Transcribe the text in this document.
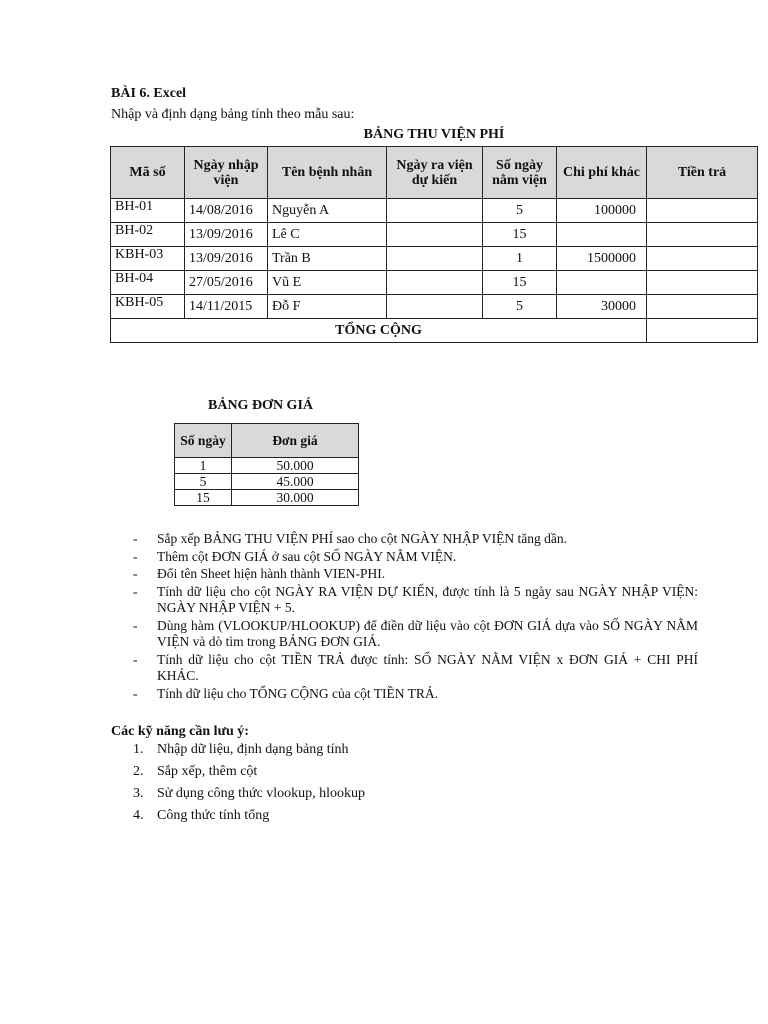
BÀI 6. Excel
Nhập và định dạng bảng tính theo mẫu sau:
BẢNG THU VIỆN PHÍ
Mã số	Ngày nhập viện	Tên bệnh nhân	Ngày ra viện dự kiến	Số ngày nằm viện	Chi phí khác	Tiền trả
BH-01	14/08/2016	Nguyễn A		5	100000	
BH-02	13/09/2016	Lê C		15		
KBH-03	13/09/2016	Trần B		1	1500000	
BH-04	27/05/2016	Vũ E		15		
KBH-05	14/11/2015	Đỗ F		5	30000	
TỔNG CỘNG						
BẢNG ĐƠN GIÁ
Số ngày	Đơn giá
1	50.000
5	45.000
15	30.000
- Sắp xếp BẢNG THU VIỆN PHÍ sao cho cột NGÀY NHẬP VIỆN tăng dần.
- Thêm cột ĐƠN GIÁ ở sau cột SỐ NGÀY NẰM VIỆN.
- Đổi tên Sheet hiện hành thành VIEN-PHI.
- Tính dữ liệu cho cột NGÀY RA VIỆN DỰ KIẾN, được tính là 5 ngày sau NGÀY NHẬP VIỆN: NGÀY NHẬP VIỆN + 5.
- Dùng hàm (VLOOKUP/HLOOKUP) để điền dữ liệu vào cột ĐƠN GIÁ dựa vào SỐ NGÀY NẰM VIỆN và dò tìm trong BẢNG ĐƠN GIÁ.
- Tính dữ liệu cho cột TIỀN TRẢ được tính: SỐ NGÀY NẰM VIỆN x ĐƠN GIÁ + CHI PHÍ KHÁC.
- Tính dữ liệu cho TỔNG CỘNG của cột TIỀN TRẢ.
Các kỹ năng cần lưu ý:
1. Nhập dữ liệu, định dạng bảng tính
2. Sắp xếp, thêm cột
3. Sử dụng công thức vlookup, hlookup
4. Công thức tính tổng
